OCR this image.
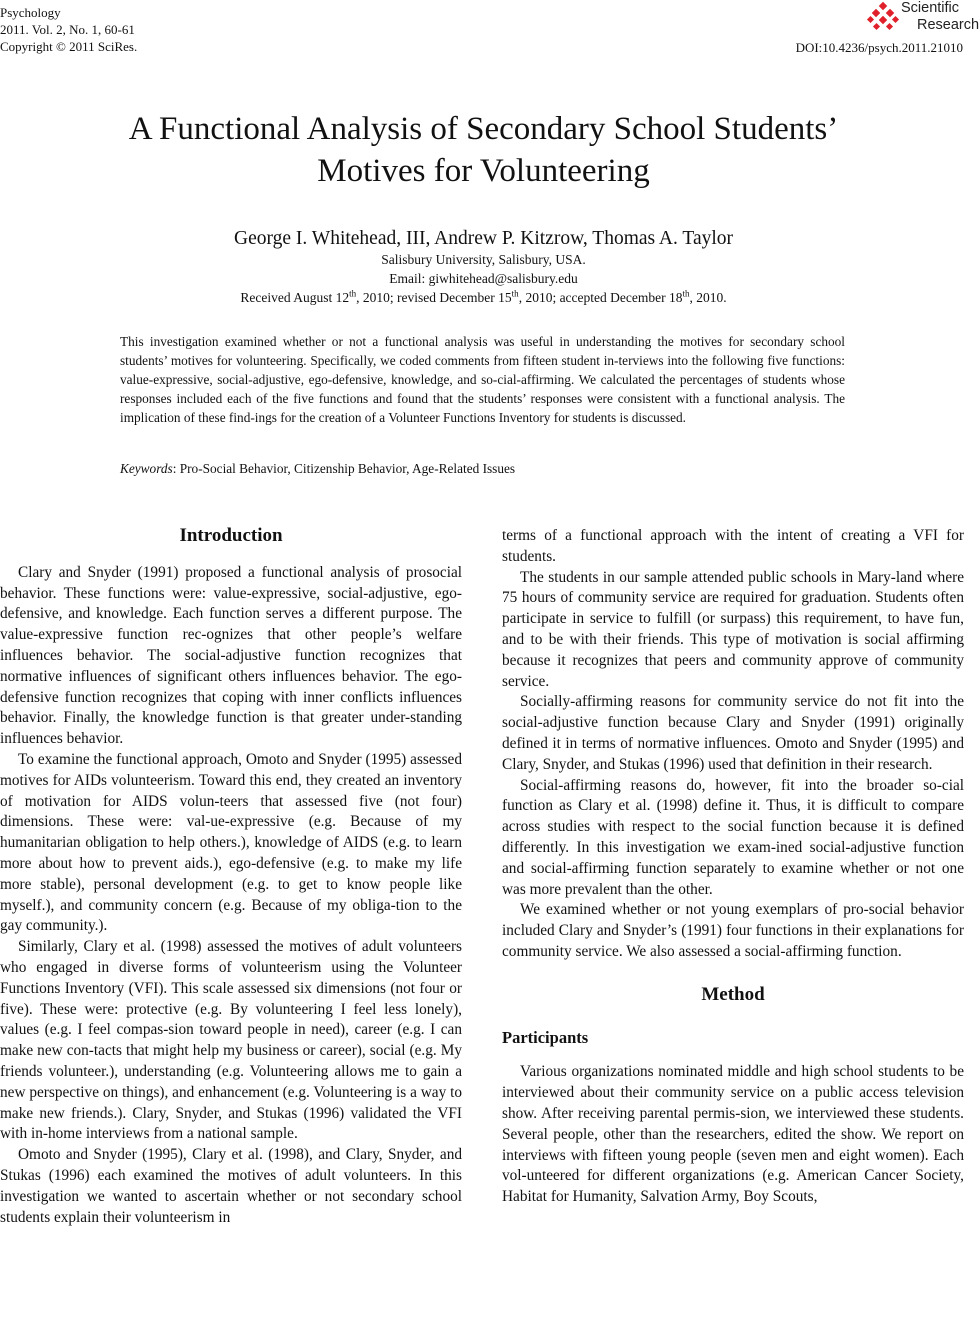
Psychology
2011. Vol. 2, No. 1, 60-61
Copyright © 2011 SciRes.
Scientific
Research
DOI:10.4236/psych.2011.21010
A Functional Analysis of Secondary School Students’
Motives for Volunteering
George I. Whitehead, III, Andrew P. Kitzrow, Thomas A. Taylor
Salisbury University, Salisbury, USA.
Email: giwhitehead@salisbury.edu
Received August 12th, 2010; revised December 15th, 2010; accepted December 18th, 2010.
This investigation examined whether or not a functional analysis was useful in understanding the motives for secondary school students’ motives for volunteering. Specifically, we coded comments from fifteen student in-terviews into the following five functions: value-expressive, social-adjustive, ego-defensive, knowledge, and so-cial-affirming. We calculated the percentages of students whose responses included each of the five functions and found that the students’ responses were consistent with a functional analysis. The implication of these find-ings for the creation of a Volunteer Functions Inventory for students is discussed.
Keywords: Pro-Social Behavior, Citizenship Behavior, Age-Related Issues
Introduction

Clary and Snyder (1991) proposed a functional analysis of prosocial behavior. These functions were: value-expressive, social-adjustive, ego-defensive, and knowledge. Each function serves a different purpose. The value-expressive function rec-ognizes that other people’s welfare influences behavior. The social-adjustive function recognizes that normative influences of significant others influences behavior. The ego-defensive function recognizes that coping with inner conflicts influences behavior. Finally, the knowledge function is that greater under-standing influences behavior.

To examine the functional approach, Omoto and Snyder (1995) assessed motives for AIDs volunteerism. Toward this end, they created an inventory of motivation for AIDS volun-teers that assessed five (not four) dimensions. These were: val-ue-expressive (e.g. Because of my humanitarian obligation to help others.), knowledge of AIDS (e.g. to learn more about how to prevent aids.), ego-defensive (e.g. to make my life more stable), personal development (e.g. to get to know people like myself.), and community concern (e.g. Because of my obliga-tion to the gay community.).

Similarly, Clary et al. (1998) assessed the motives of adult volunteers who engaged in diverse forms of volunteerism using the Volunteer Functions Inventory (VFI). This scale assessed six dimensions (not four or five). These were: protective (e.g. By volunteering I feel less lonely), values (e.g. I feel compas-sion toward people in need), career (e.g. I can make new con-tacts that might help my business or career), social (e.g. My friends volunteer.), understanding (e.g. Volunteering allows me to gain a new perspective on things), and enhancement (e.g. Volunteering is a way to make new friends.). Clary, Snyder, and Stukas (1996) validated the VFI with in-home interviews from a national sample.

Omoto and Snyder (1995), Clary et al. (1998), and Clary, Snyder, and Stukas (1996) each examined the motives of adult volunteers. In this investigation we wanted to ascertain whether or not secondary school students explain their volunteerism in

terms of a functional approach with the intent of creating a VFI for students.

The students in our sample attended public schools in Mary-land where 75 hours of community service are required for graduation. Students often participate in service to fulfill (or surpass) this requirement, to have fun, and to be with their friends. This type of motivation is social affirming because it recognizes that peers and community approve of community service.

Socially-affirming reasons for community service do not fit into the social-adjustive function because Clary and Snyder (1991) originally defined it in terms of normative influences. Omoto and Snyder (1995) and Clary, Snyder, and Stukas (1996) used that definition in their research.

Social-affirming reasons do, however, fit into the broader so-cial function as Clary et al. (1998) define it. Thus, it is difficult to compare across studies with respect to the social function because it is defined differently. In this investigation we exam-ined social-adjustive function and social-affirming function separately to examine whether or not one was more prevalent than the other.

We examined whether or not young exemplars of pro-social behavior included Clary and Snyder’s (1991) four functions in their explanations for community service. We also assessed a social-affirming function.

Method
Participants

Various organizations nominated middle and high school students to be interviewed about their community service on a public access television show. After receiving parental permis-sion, we interviewed these students. Several people, other than the researchers, edited the show. We report on interviews with fifteen young people (seven men and eight women). Each vol-unteered for different organizations (e.g. American Cancer Society, Habitat for Humanity, Salvation Army, Boy Scouts,
